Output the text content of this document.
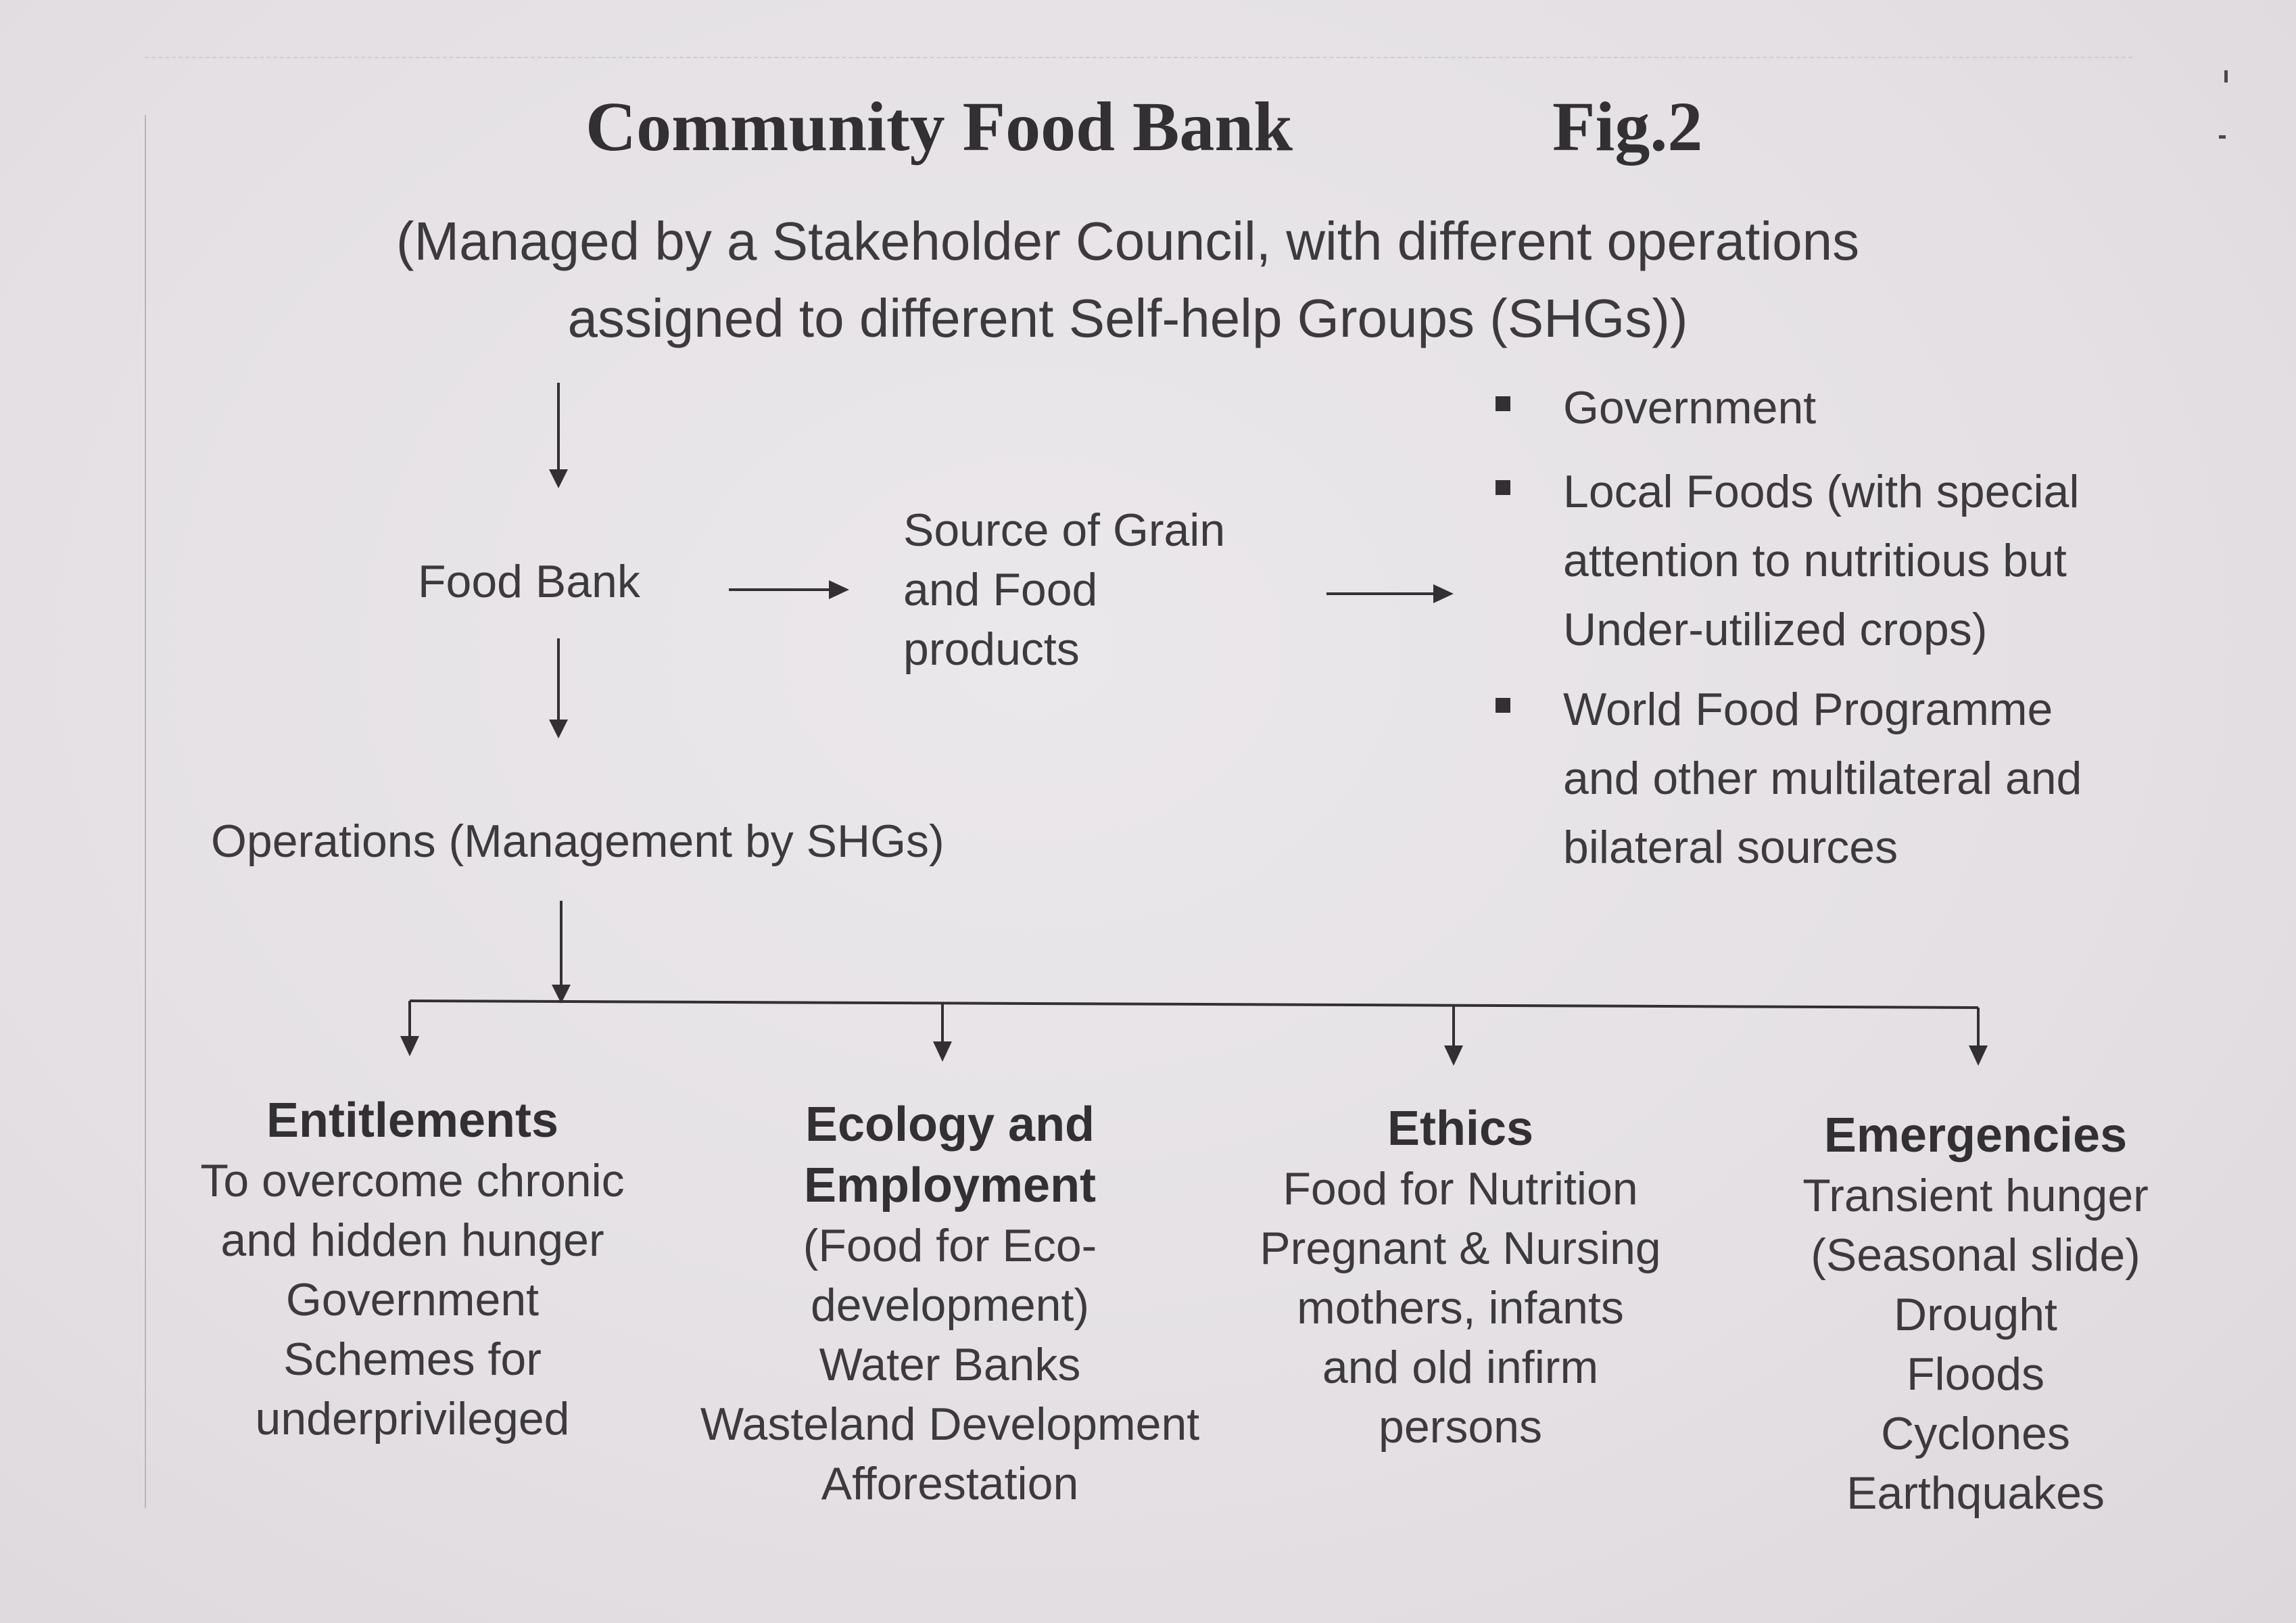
Community Food Bank	Fig.2
(Managed by a Stakeholder Council, with different operations
assigned to different Self-help Groups (SHGs))
Food Bank
Source of Grain
and Food
products
Operations (Management by SHGs)
Government
Local Foods (with special
attention to nutritious but
Under-utilized crops)
World Food Programme
and other multilateral and
bilateral sources
Entitlements
To overcome chronic
and hidden hunger
Government
Schemes for
underprivileged
Ecology and
Employment
(Food for Eco-
development)
Water Banks
Wasteland Development
Afforestation
Ethics
Food for Nutrition
Pregnant & Nursing
mothers, infants
and old infirm
persons
Emergencies
Transient hunger
(Seasonal slide)
Drought
Floods
Cyclones
Earthquakes
